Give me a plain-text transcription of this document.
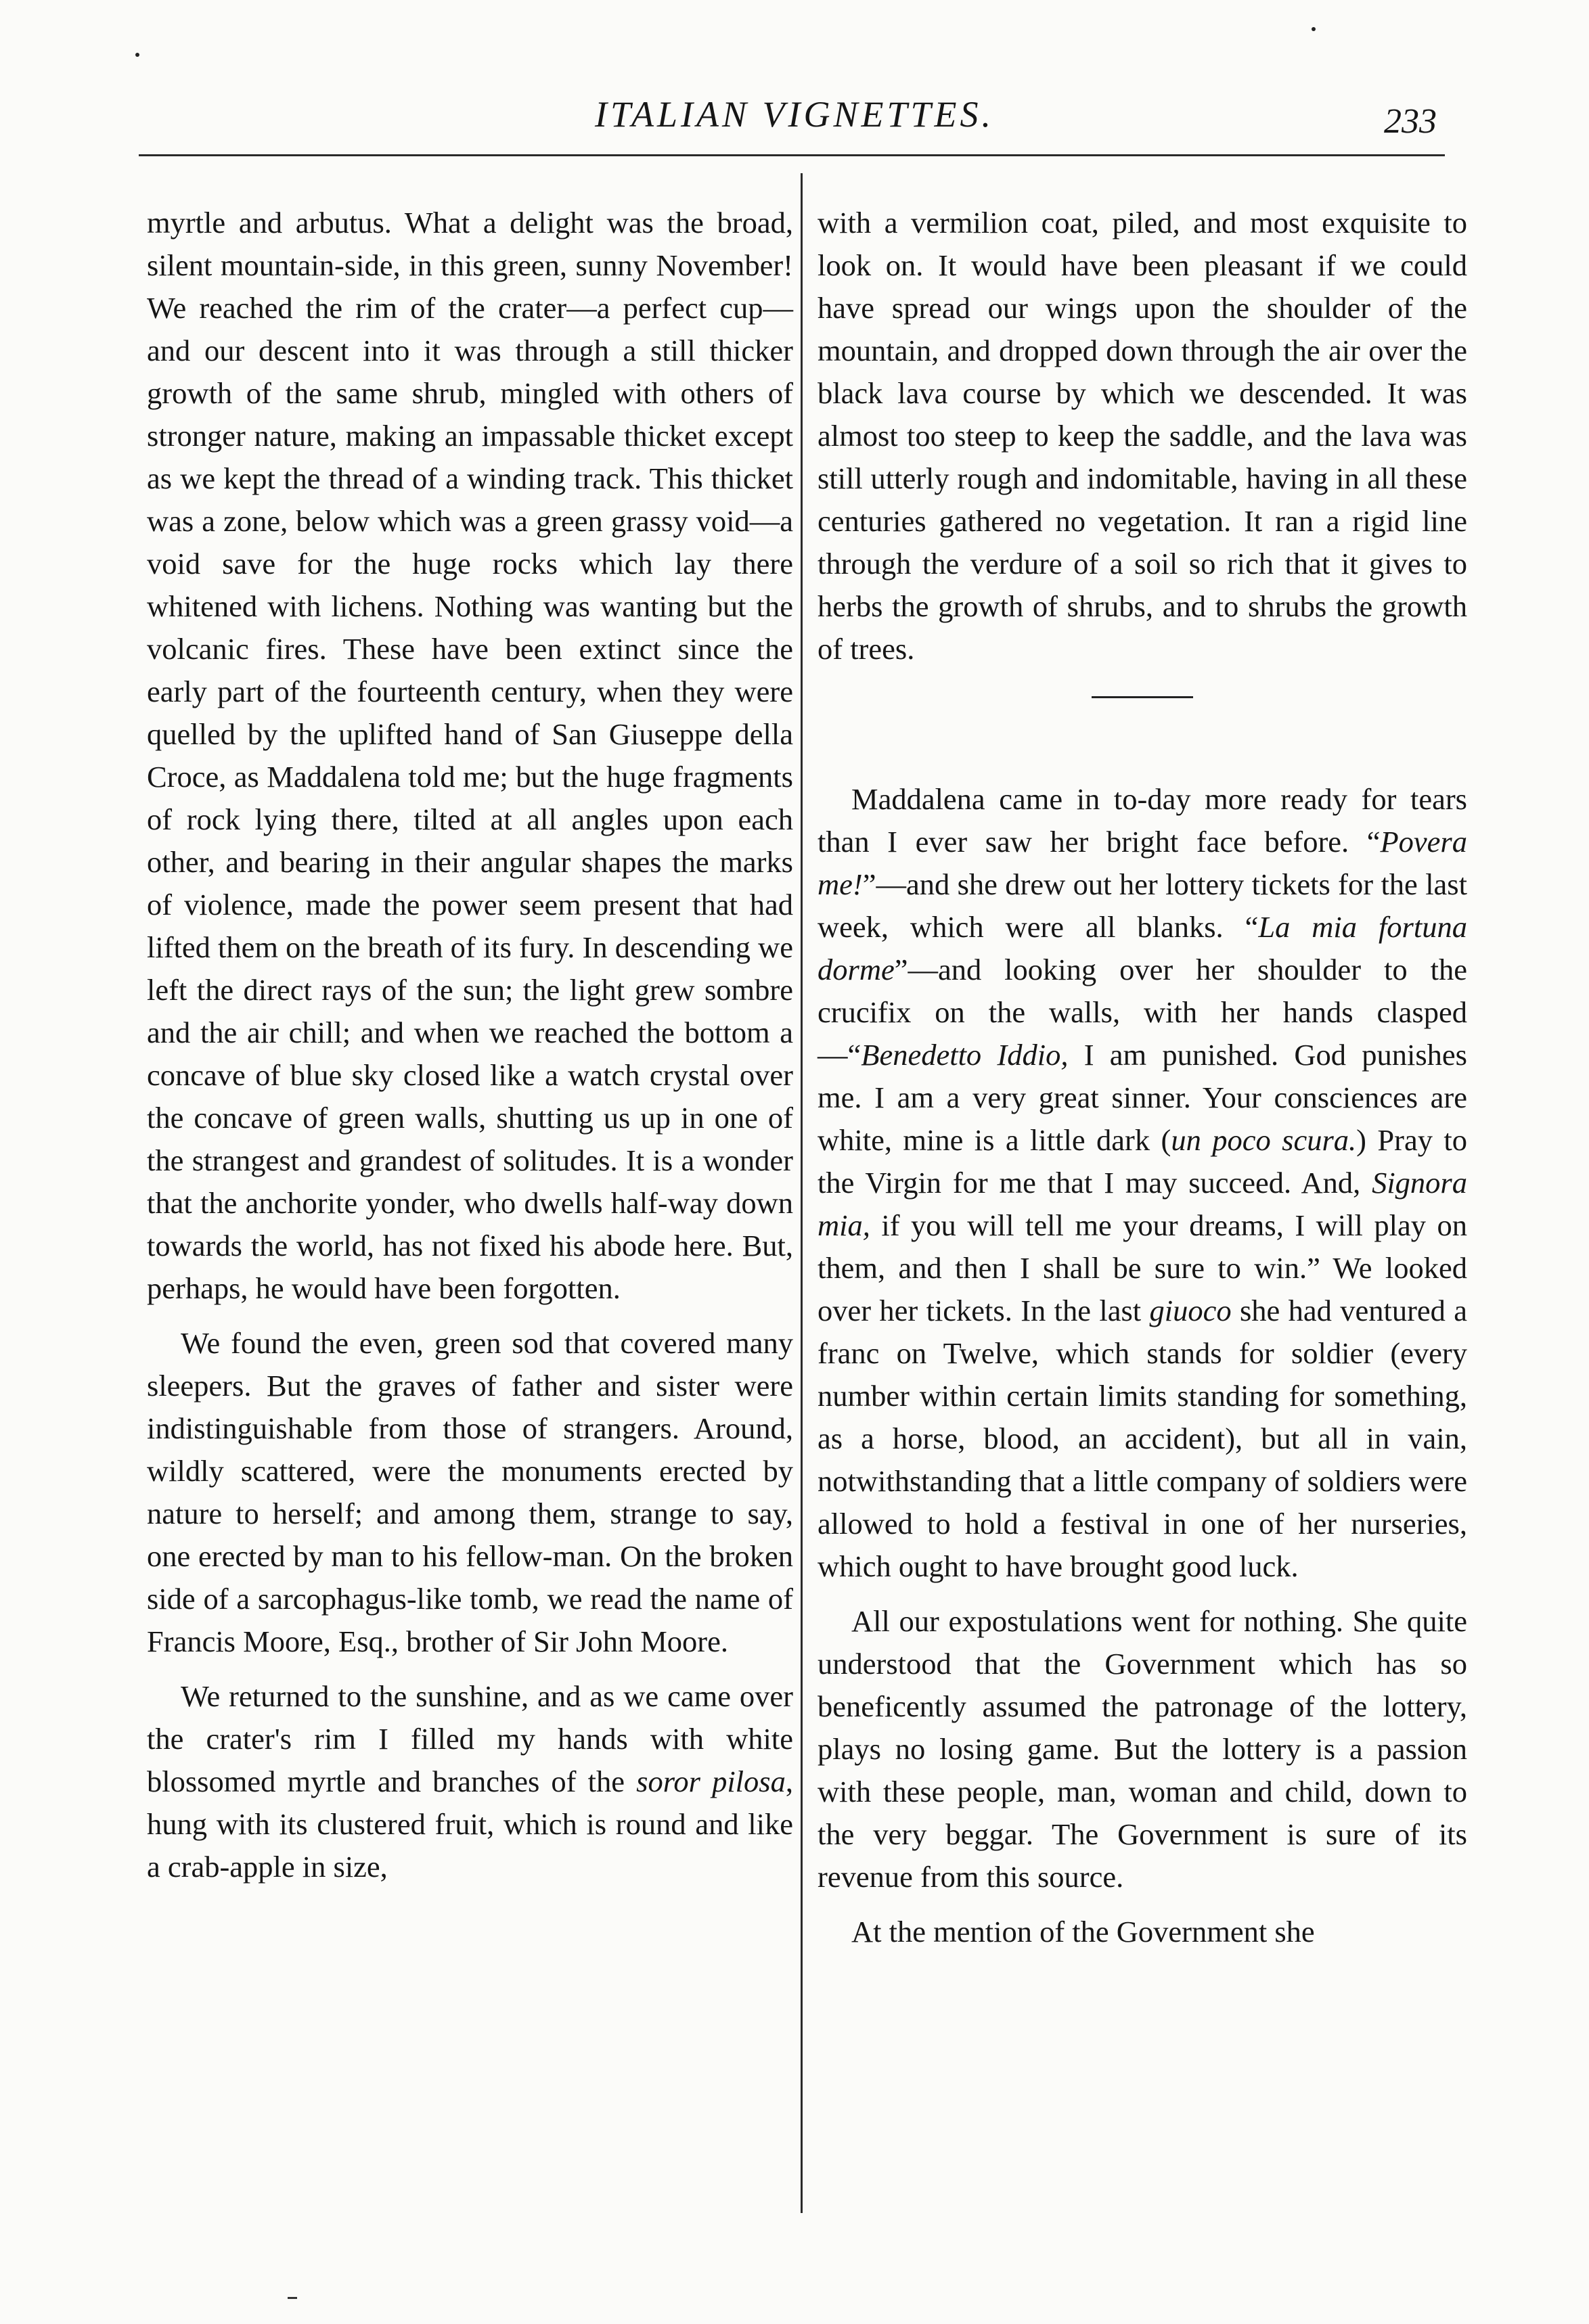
ITALIAN VIGNETTES.	233

myrtle and arbutus. What a delight was the broad, silent mountain-side, in this green, sunny November! We reached the rim of the crater—a perfect cup—and our descent into it was through a still thicker growth of the same shrub, mingled with others of stronger nature, making an impassable thicket except as we kept the thread of a winding track. This thicket was a zone, below which was a green grassy void—a void save for the huge rocks which lay there whitened with lichens. Nothing was wanting but the volcanic fires. These have been extinct since the early part of the fourteenth century, when they were quelled by the uplifted hand of San Giuseppe della Croce, as Maddalena told me; but the huge fragments of rock lying there, tilted at all angles upon each other, and bearing in their angular shapes the marks of violence, made the power seem present that had lifted them on the breath of its fury. In descending we left the direct rays of the sun; the light grew sombre and the air chill; and when we reached the bottom a concave of blue sky closed like a watch crystal over the concave of green walls, shutting us up in one of the strangest and grandest of solitudes. It is a wonder that the anchorite yonder, who dwells half-way down towards the world, has not fixed his abode here. But, perhaps, he would have been forgotten.

We found the even, green sod that covered many sleepers. But the graves of father and sister were indistinguishable from those of strangers. Around, wildly scattered, were the monuments erected by nature to herself; and among them, strange to say, one erected by man to his fellow-man. On the broken side of a sarcophagus-like tomb, we read the name of Francis Moore, Esq., brother of Sir John Moore.

We returned to the sunshine, and as we came over the crater's rim I filled my hands with white blossomed myrtle and branches of the soror pilosa, hung with its clustered fruit, which is round and like a crab-apple in size,

with a vermilion coat, piled, and most exquisite to look on. It would have been pleasant if we could have spread our wings upon the shoulder of the mountain, and dropped down through the air over the black lava course by which we descended. It was almost too steep to keep the saddle, and the lava was still utterly rough and indomitable, having in all these centuries gathered no vegetation. It ran a rigid line through the verdure of a soil so rich that it gives to herbs the growth of shrubs, and to shrubs the growth of trees.

Maddalena came in to-day more ready for tears than I ever saw her bright face before. “Povera me!”—and she drew out her lottery tickets for the last week, which were all blanks. “La mia fortuna dorme”—and looking over her shoulder to the crucifix on the walls, with her hands clasped—“Benedetto Iddio, I am punished. God punishes me. I am a very great sinner. Your consciences are white, mine is a little dark (un poco scura.) Pray to the Virgin for me that I may succeed. And, Signora mia, if you will tell me your dreams, I will play on them, and then I shall be sure to win.” We looked over her tickets. In the last giuoco she had ventured a franc on Twelve, which stands for soldier (every number within certain limits standing for something, as a horse, blood, an accident), but all in vain, notwithstanding that a little company of soldiers were allowed to hold a festival in one of her nurseries, which ought to have brought good luck.

All our expostulations went for nothing. She quite understood that the Government which has so beneficently assumed the patronage of the lottery, plays no losing game. But the lottery is a passion with these people, man, woman and child, down to the very beggar. The Government is sure of its revenue from this source.

At the mention of the Government she
